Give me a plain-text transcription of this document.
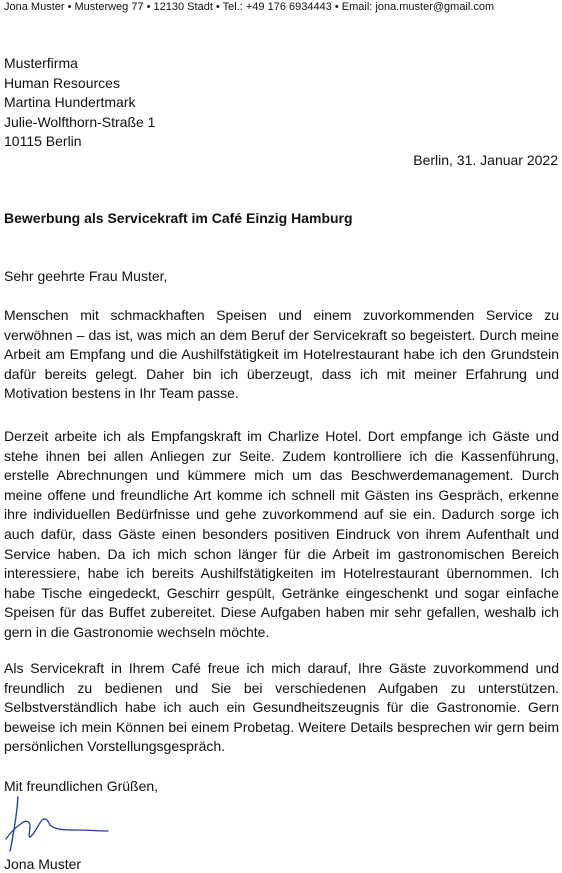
Jona Muster • Musterweg 77 • 12130 Stadt • Tel.: +49 176 6934443 • Email: jona.muster@gmail.com
Musterfirma
Human Resources
Martina Hundertmark
Julie-Wolfthorn-Straße 1
10115 Berlin
Berlin, 31. Januar 2022
Bewerbung als Servicekraft im Café Einzig Hamburg
Sehr geehrte Frau Muster,

Menschen mit schmackhaften Speisen und einem zuvorkommenden Service zu verwöhnen – das ist, was mich an dem Beruf der Servicekraft so begeistert. Durch meine Arbeit am Empfang und die Aushilfstätigkeit im Hotelrestaurant habe ich den Grundstein dafür bereits gelegt. Daher bin ich überzeugt, dass ich mit meiner Erfahrung und Motivation bestens in Ihr Team passe.

Derzeit arbeite ich als Empfangskraft im Charlize Hotel. Dort empfange ich Gäste und stehe ihnen bei allen Anliegen zur Seite. Zudem kontrolliere ich die Kassenführung, erstelle Abrechnungen und kümmere mich um das Beschwerdemanagement. Durch meine offene und freundliche Art komme ich schnell mit Gästen ins Gespräch, erkenne ihre individuellen Bedürfnisse und gehe zuvorkommend auf sie ein. Dadurch sorge ich auch dafür, dass Gäste einen besonders positiven Eindruck von ihrem Aufenthalt und Service haben. Da ich mich schon länger für die Arbeit im gastronomischen Bereich interessiere, habe ich bereits Aushilfstätigkeiten im Hotelrestaurant übernommen. Ich habe Tische eingedeckt, Geschirr gespült, Getränke eingeschenkt und sogar einfache Speisen für das Buffet zubereitet. Diese Aufgaben haben mir sehr gefallen, weshalb ich gern in die Gastronomie wechseln möchte.

Als Servicekraft in Ihrem Café freue ich mich darauf, Ihre Gäste zuvorkommend und freundlich zu bedienen und Sie bei verschiedenen Aufgaben zu unterstützen. Selbstverständlich habe ich auch ein Gesundheitszeugnis für die Gastronomie. Gern beweise ich mein Können bei einem Probetag. Weitere Details besprechen wir gern beim persönlichen Vorstellungsgespräch.

Mit freundlichen Grüßen,
Jona Muster
